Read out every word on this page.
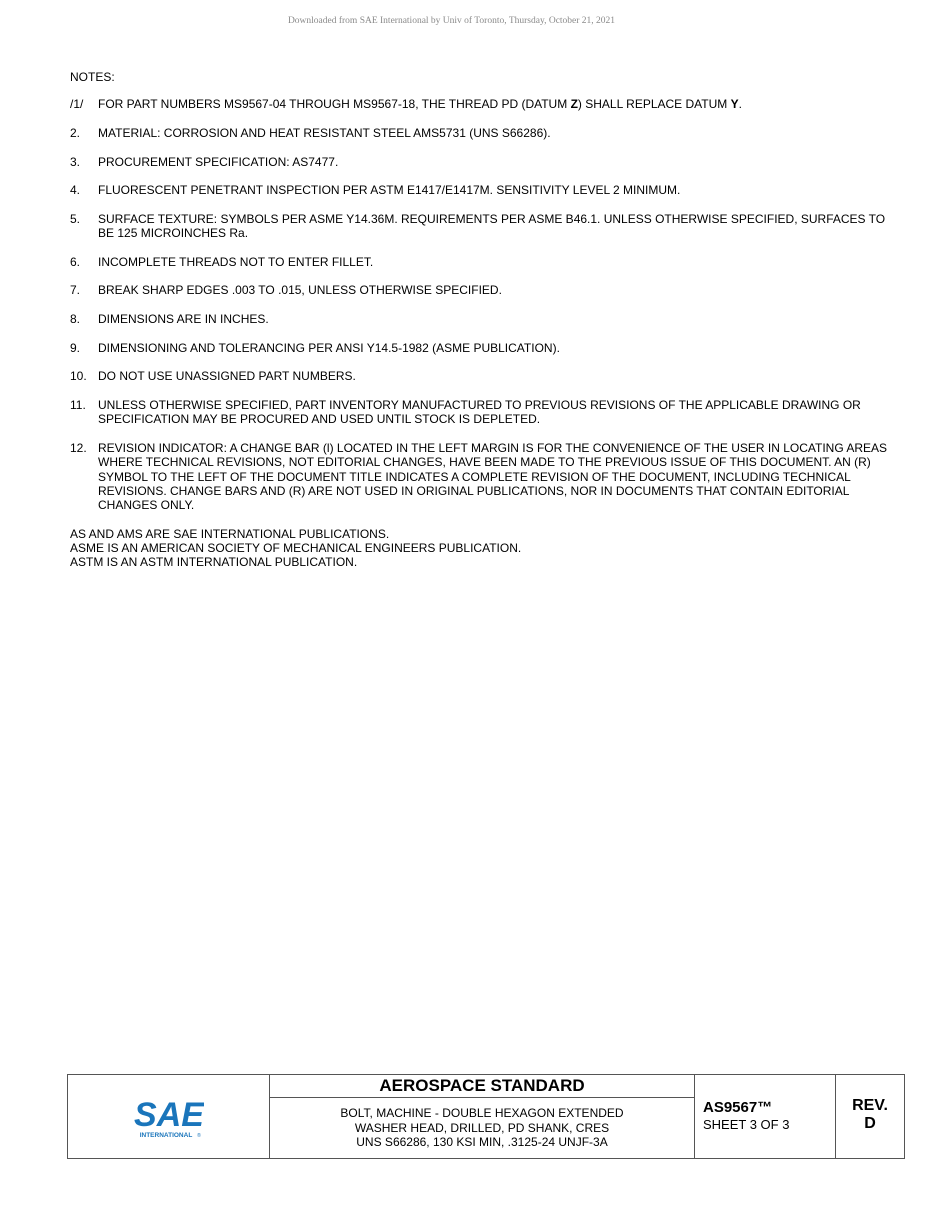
Downloaded from SAE International by Univ of Toronto, Thursday, October 21, 2021
NOTES:
/1/	FOR PART NUMBERS MS9567-04 THROUGH MS9567-18, THE THREAD PD (DATUM Z) SHALL REPLACE DATUM Y.
2.	MATERIAL: CORROSION AND HEAT RESISTANT STEEL AMS5731 (UNS S66286).
3.	PROCUREMENT SPECIFICATION: AS7477.
4.	FLUORESCENT PENETRANT INSPECTION PER ASTM E1417/E1417M. SENSITIVITY LEVEL 2 MINIMUM.
5.	SURFACE TEXTURE: SYMBOLS PER ASME Y14.36M. REQUIREMENTS PER ASME B46.1. UNLESS OTHERWISE SPECIFIED, SURFACES TO BE 125 MICROINCHES Ra.
6.	INCOMPLETE THREADS NOT TO ENTER FILLET.
7.	BREAK SHARP EDGES .003 TO .015, UNLESS OTHERWISE SPECIFIED.
8.	DIMENSIONS ARE IN INCHES.
9.	DIMENSIONING AND TOLERANCING PER ANSI Y14.5-1982 (ASME PUBLICATION).
10. DO NOT USE UNASSIGNED PART NUMBERS.
11.	UNLESS OTHERWISE SPECIFIED, PART INVENTORY MANUFACTURED TO PREVIOUS REVISIONS OF THE APPLICABLE DRAWING OR SPECIFICATION MAY BE PROCURED AND USED UNTIL STOCK IS DEPLETED.
12. REVISION INDICATOR: A CHANGE BAR (l) LOCATED IN THE LEFT MARGIN IS FOR THE CONVENIENCE OF THE USER IN LOCATING AREAS WHERE TECHNICAL REVISIONS, NOT EDITORIAL CHANGES, HAVE BEEN MADE TO THE PREVIOUS ISSUE OF THIS DOCUMENT. AN (R) SYMBOL TO THE LEFT OF THE DOCUMENT TITLE INDICATES A COMPLETE REVISION OF THE DOCUMENT, INCLUDING TECHNICAL REVISIONS. CHANGE BARS AND (R) ARE NOT USED IN ORIGINAL PUBLICATIONS, NOR IN DOCUMENTS THAT CONTAIN EDITORIAL CHANGES ONLY.
AS AND AMS ARE SAE INTERNATIONAL PUBLICATIONS.
ASME IS AN AMERICAN SOCIETY OF MECHANICAL ENGINEERS PUBLICATION.
ASTM IS AN ASTM INTERNATIONAL PUBLICATION.
SAE
INTERNATIONAL ®
AEROSPACE STANDARD
BOLT, MACHINE - DOUBLE HEXAGON EXTENDED
WASHER HEAD, DRILLED, PD SHANK, CRES
UNS S66286, 130 KSI MIN, .3125-24 UNJF-3A
AS9567™
SHEET 3 OF 3
REV.
D
